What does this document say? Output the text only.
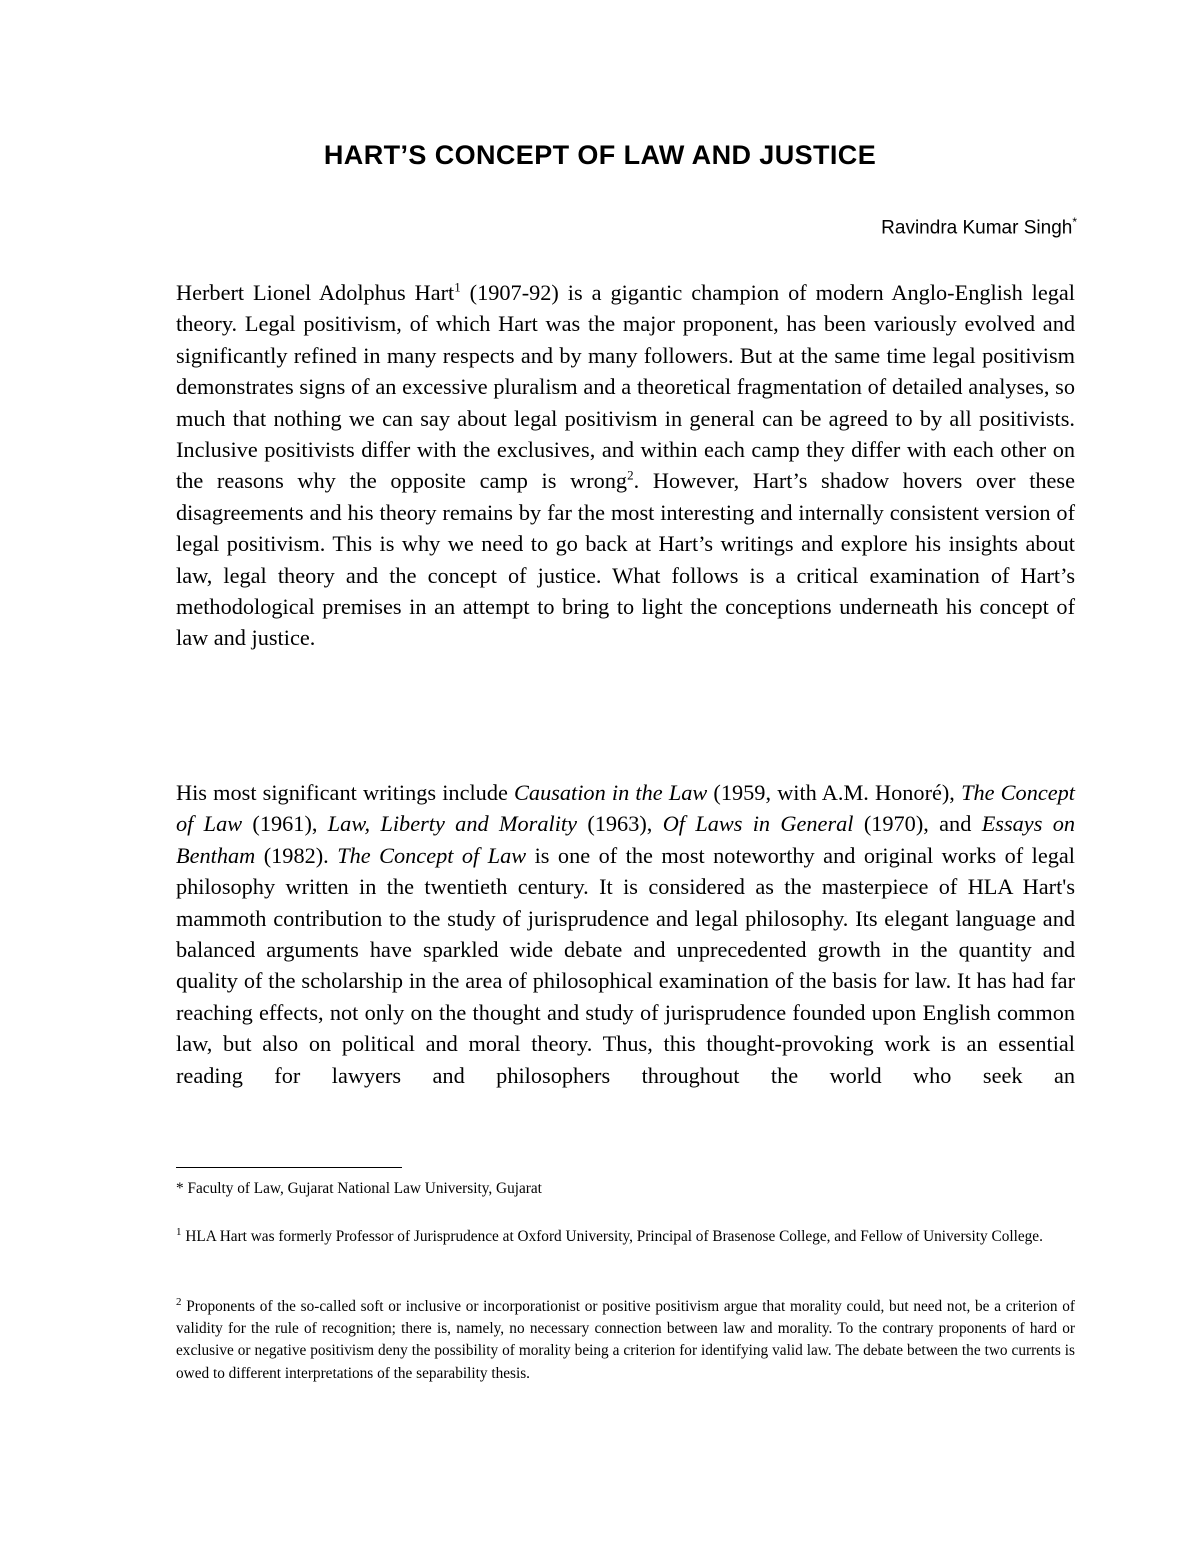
HART’S CONCEPT OF LAW AND JUSTICE

Ravindra Kumar Singh*

Herbert Lionel Adolphus Hart$^1$ (1907-92) is a gigantic champion of modern Anglo-English legal theory. Legal positivism, of which Hart was the major proponent, has been variously evolved and significantly refined in many respects and by many followers. But at the same time legal positivism demonstrates signs of an excessive pluralism and a theoretical fragmentation of detailed analyses, so much that nothing we can say about legal positivism in general can be agreed to by all positivists. Inclusive positivists differ with the exclusives, and within each camp they differ with each other on the reasons why the opposite camp is wrong$^2$. However, Hart’s shadow hovers over these disagreements and his theory remains by far the most interesting and internally consistent version of legal positivism. This is why we need to go back at Hart’s writings and explore his insights about law, legal theory and the concept of justice. What follows is a critical examination of Hart’s methodological premises in an attempt to bring to light the conceptions underneath his concept of law and justice.

His most significant writings include Causation in the Law (1959, with A.M. Honoré), The Concept of Law (1961), Law, Liberty and Morality (1963), Of Laws in General (1970), and Essays on Bentham (1982). The Concept of Law is one of the most noteworthy and original works of legal philosophy written in the twentieth century. It is considered as the masterpiece of HLA Hart's mammoth contribution to the study of jurisprudence and legal philosophy. Its elegant language and balanced arguments have sparkled wide debate and unprecedented growth in the quantity and quality of the scholarship in the area of philosophical examination of the basis for law. It has had far reaching effects, not only on the thought and study of jurisprudence founded upon English common law, but also on political and moral theory. Thus, this thought-provoking work is an essential reading for lawyers and philosophers throughout the world who seek an

* Faculty of Law, Gujarat National Law University, Gujarat

$^1$ HLA Hart was formerly Professor of Jurisprudence at Oxford University, Principal of Brasenose College, and Fellow of University College.

$^2$ Proponents of the so-called soft or inclusive or incorporationist or positive positivism argue that morality could, but need not, be a criterion of validity for the rule of recognition; there is, namely, no necessary connection between law and morality. To the contrary proponents of hard or exclusive or negative positivism deny the possibility of morality being a criterion for identifying valid law. The debate between the two currents is owed to different interpretations of the separability thesis.
